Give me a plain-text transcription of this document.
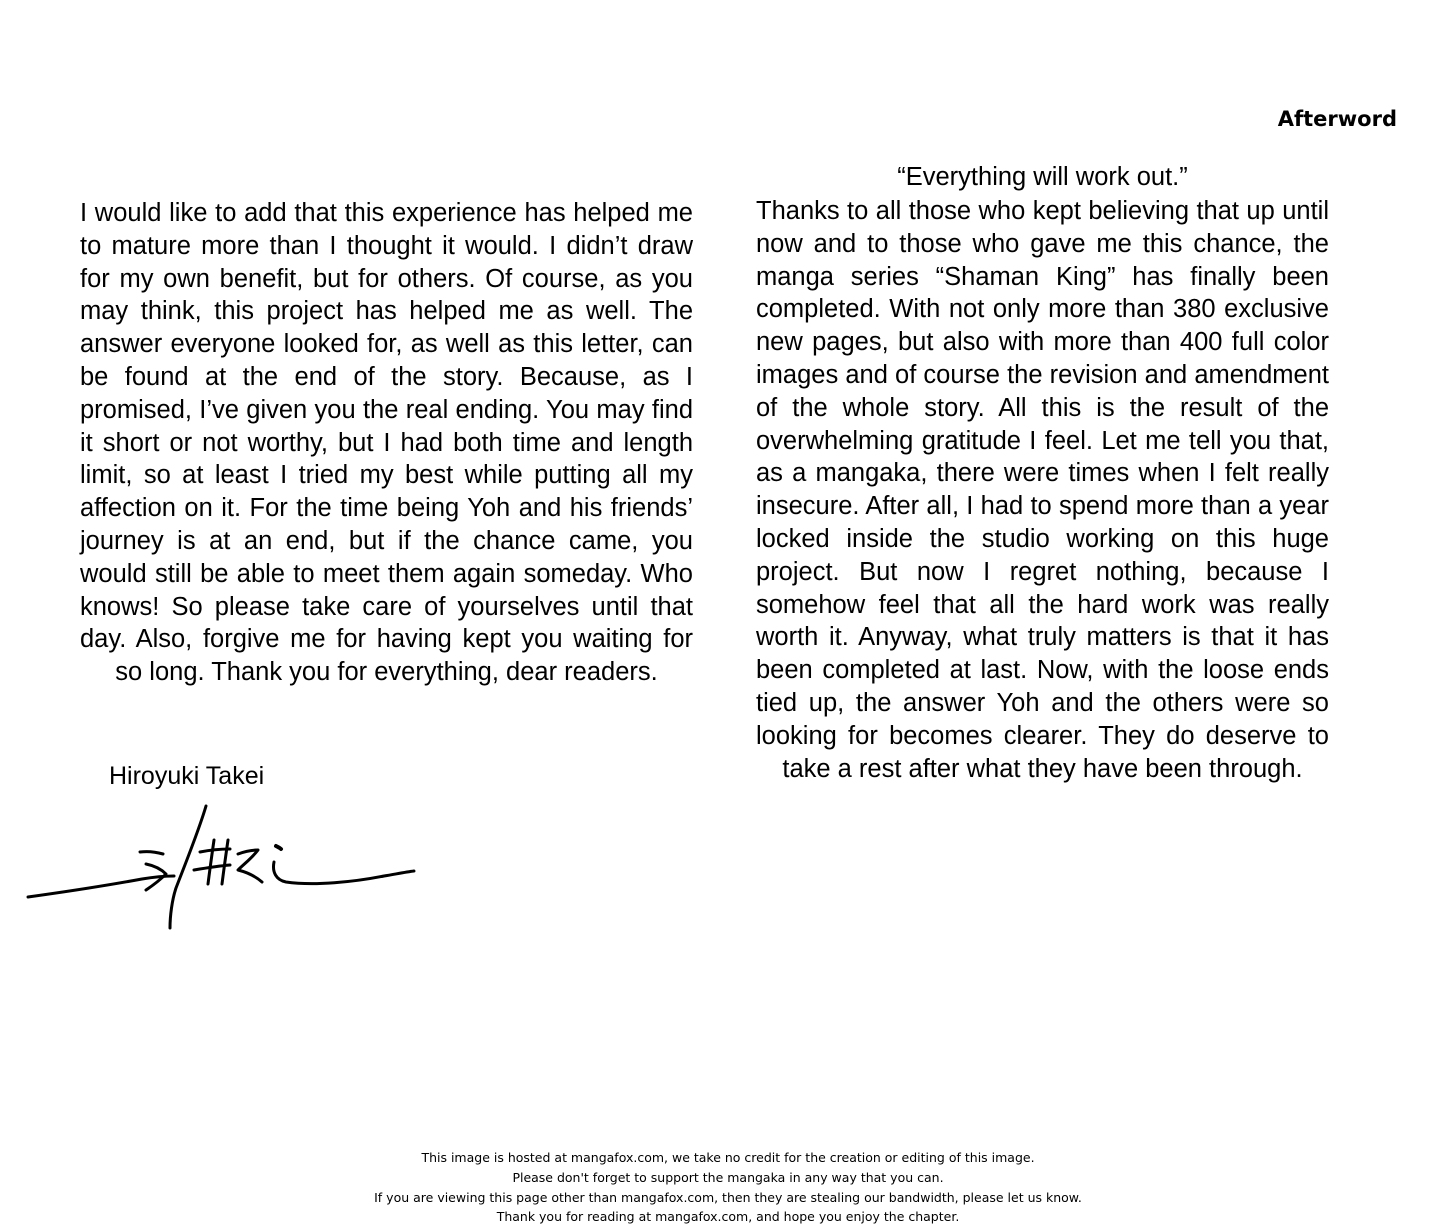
Afterword

“Everything will work out.”

I would like to add that this experience has helped me to mature more than I thought it would. I didn’t draw for my own benefit, but for others. Of course, as you may think, this project has helped me as well. The answer everyone looked for, as well as this letter, can be found at the end of the story. Because, as I promised, I’ve given you the real ending. You may find it short or not worthy, but I had both time and length limit, so at least I tried my best while putting all my affection on it. For the time being Yoh and his friends’ journey is at an end, but if the chance came, you would still be able to meet them again someday. Who knows! So please take care of yourselves until that day. Also, forgive me for having kept you waiting for so long. Thank you for everything, dear readers.

Thanks to all those who kept believing that up until now and to those who gave me this chance, the manga series “Shaman King” has finally been completed. With not only more than 380 exclusive new pages, but also with more than 400 full color images and of course the revision and amendment of the whole story. All this is the result of the overwhelming gratitude I feel. Let me tell you that, as a mangaka, there were times when I felt really insecure. After all, I had to spend more than a year locked inside the studio working on this huge project. But now I regret nothing, because I somehow feel that all the hard work was really worth it. Anyway, what truly matters is that it has been completed at last. Now, with the loose ends tied up, the answer Yoh and the others were so looking for becomes clearer. They do deserve to take a rest after what they have been through.

Hiroyuki Takei

This image is hosted at mangafox.com, we take no credit for the creation or editing of this image.
Please don't forget to support the mangaka in any way that you can.
If you are viewing this page other than mangafox.com, then they are stealing our bandwidth, please let us know.
Thank you for reading at mangafox.com, and hope you enjoy the chapter.
